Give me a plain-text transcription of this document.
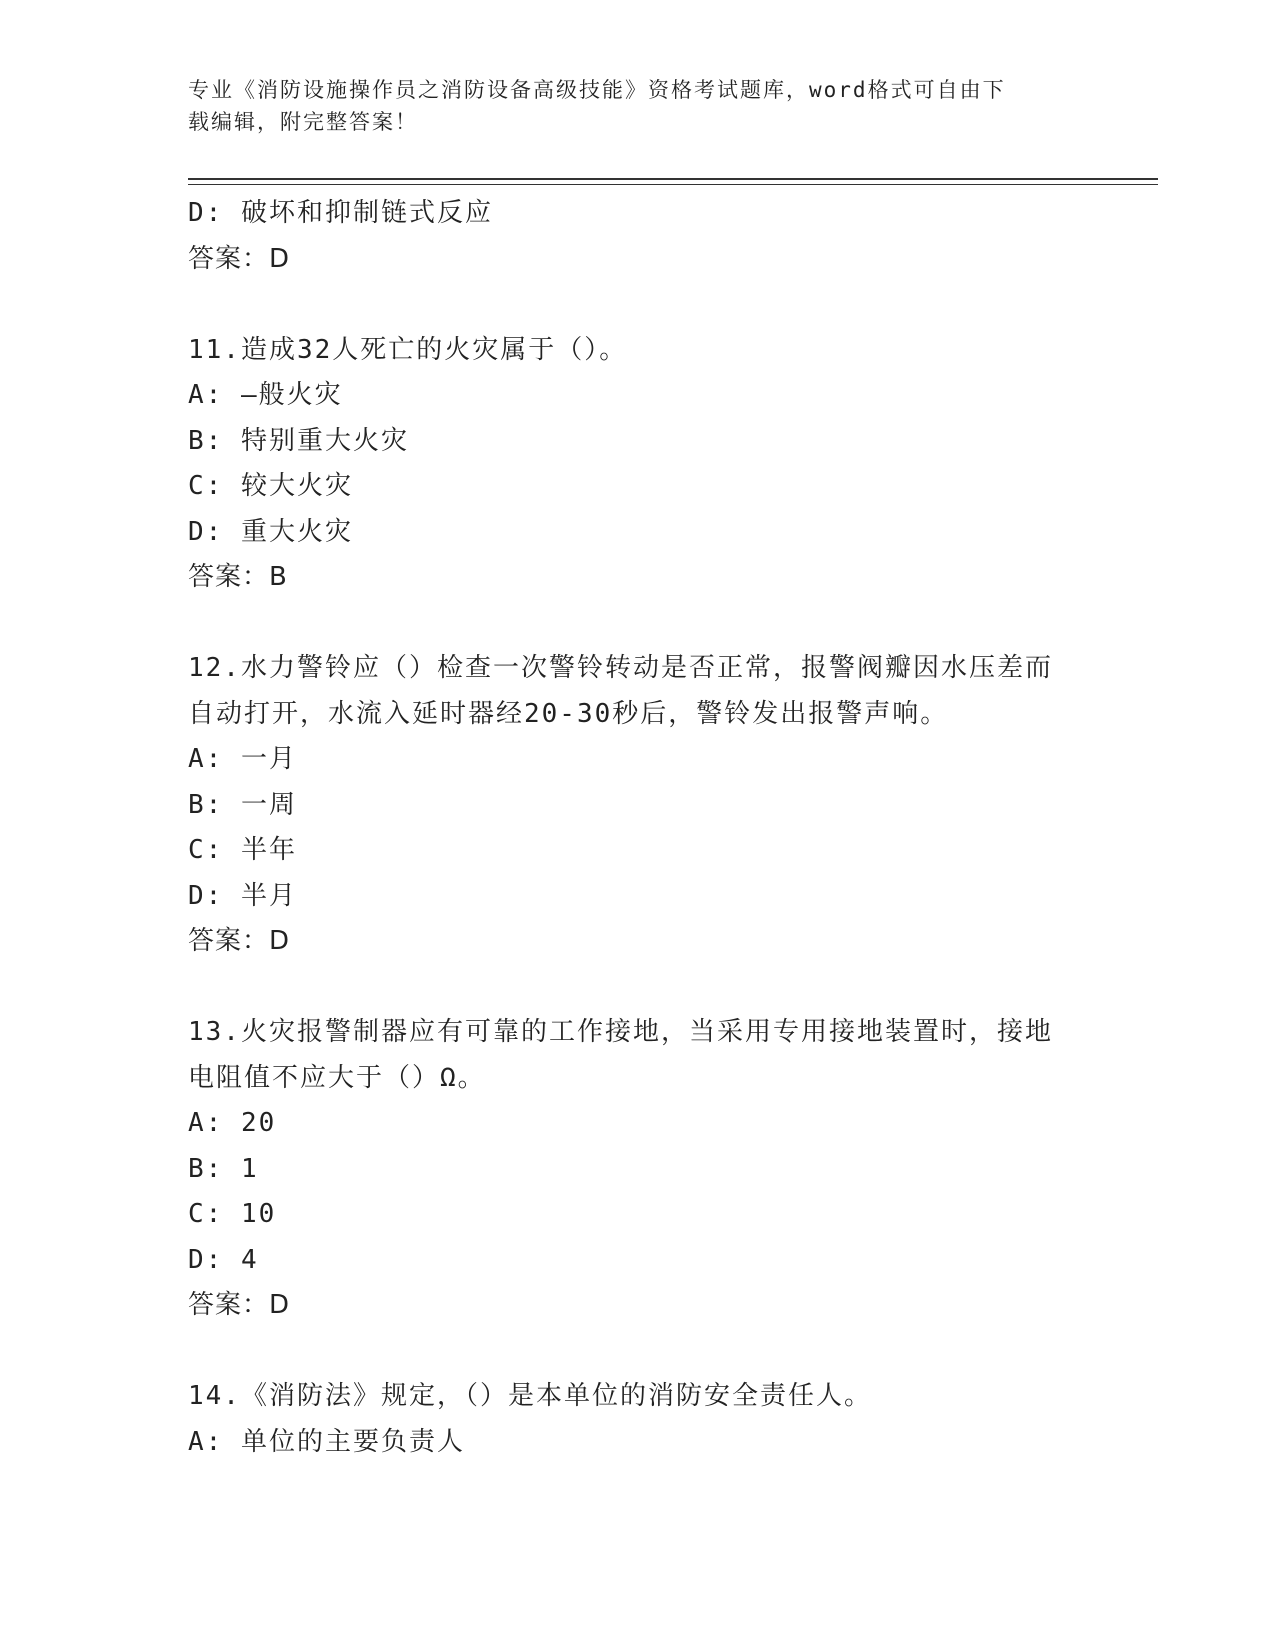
专业《消防设施操作员之消防设备高级技能》资格考试题库，word格式可自由下
载编辑，附完整答案！
D: 破坏和抑制链式反应
答案：D
11.造成32人死亡的火灾属于（）。
A: —般火灾
B: 特别重大火灾
C: 较大火灾
D: 重大火灾
答案：B
12.水力警铃应（）检查一次警铃转动是否正常，报警阀瓣因水压差而
自动打开，水流入延时器经20-30秒后，警铃发出报警声响。
A: 一月
B: 一周
C: 半年
D: 半月
答案：D
13.火灾报警制器应有可靠的工作接地，当采用专用接地装置时，接地
电阻值不应大于（）Ω。
A: 20
B: 1
C: 10
D: 4
答案：D
14.《消防法》规定，（）是本单位的消防安全责任人。
A: 单位的主要负责人
